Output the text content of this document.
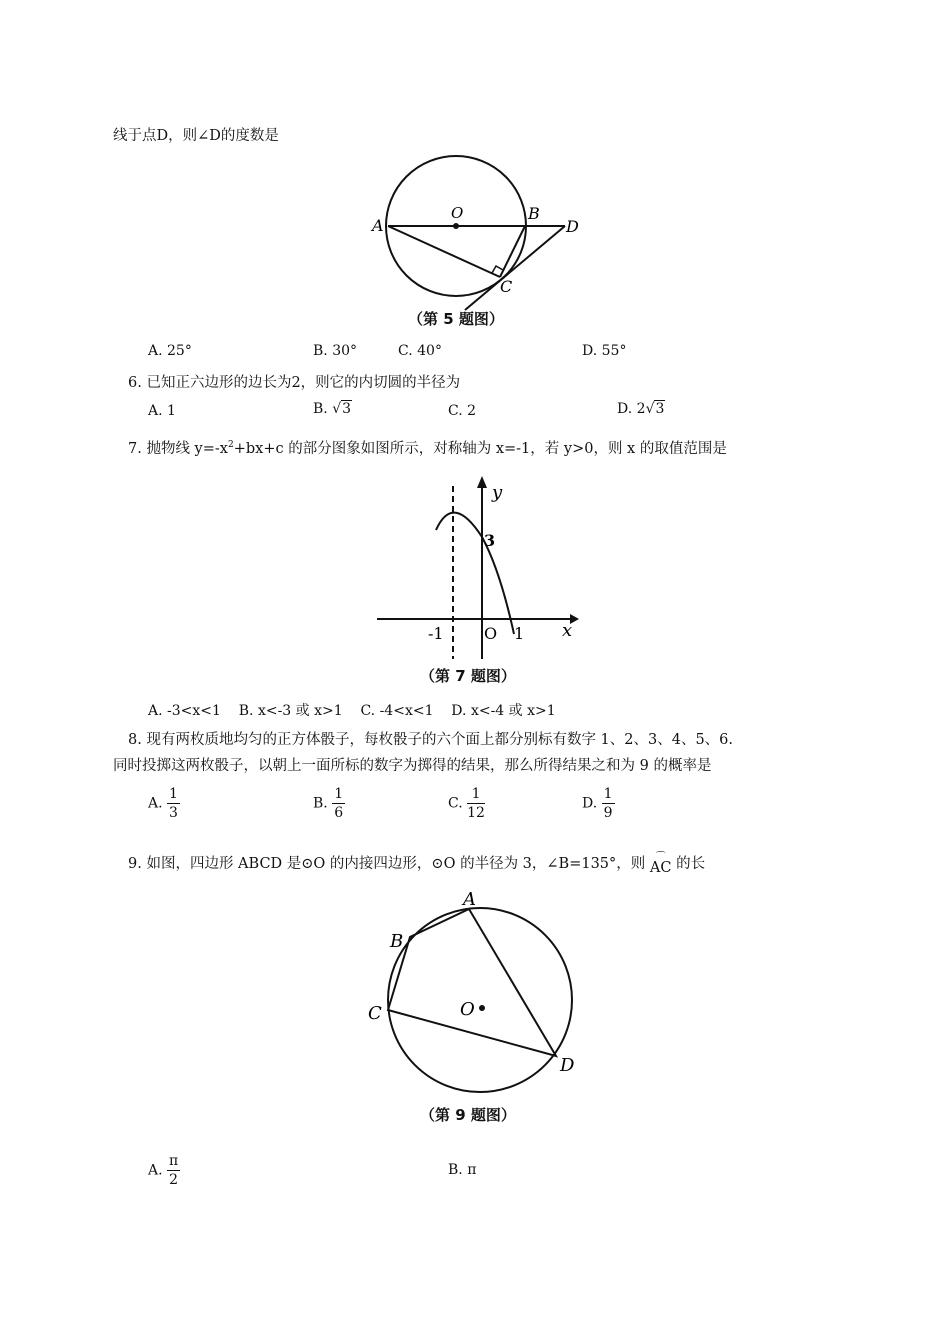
线于点D，则∠D的度数是
A
O	B
D
C
（第 5 题图）
A. 25°	B. 30°	C. 40°	D. 55°
6. 已知正六边形的边长为2，则它的内切圆的半径为
A. 1	B. √3	C. 2	D. 2√3
7. 抛物线 $y=-x^2+bx+c$ 的部分图象如图所示，对称轴为 x=-1，若 y>0，则 x 的取值范围是
y
x
3
-1	O 1
（第 7 题图）
A. -3<x<1 B. x<-3 或 x>1 C. -4<x<1 D. x<-4 或 x>1
8. 现有两枚质地均匀的正方体骰子，每枚骰子的六个面上都分别标有数字 1、2、3、4、5、6.
同时投掷这两枚骰子，以朝上一面所标的数字为掷得的结果，那么所得结果之和为 9 的概率是
A. $\frac{1}{3}$	B. $\frac{1}{6}$	C. $\frac{1}{12}$	D. $\frac{1}{9}$
9. 如图，四边形 ABCD 是⊙O 的内接四边形，⊙O 的半径为 3，∠B=135°，则	⌒
AC 的长
A
B
C
D
O
（第 9 题图）
A. $\frac{\pi}{2}$	B. π
